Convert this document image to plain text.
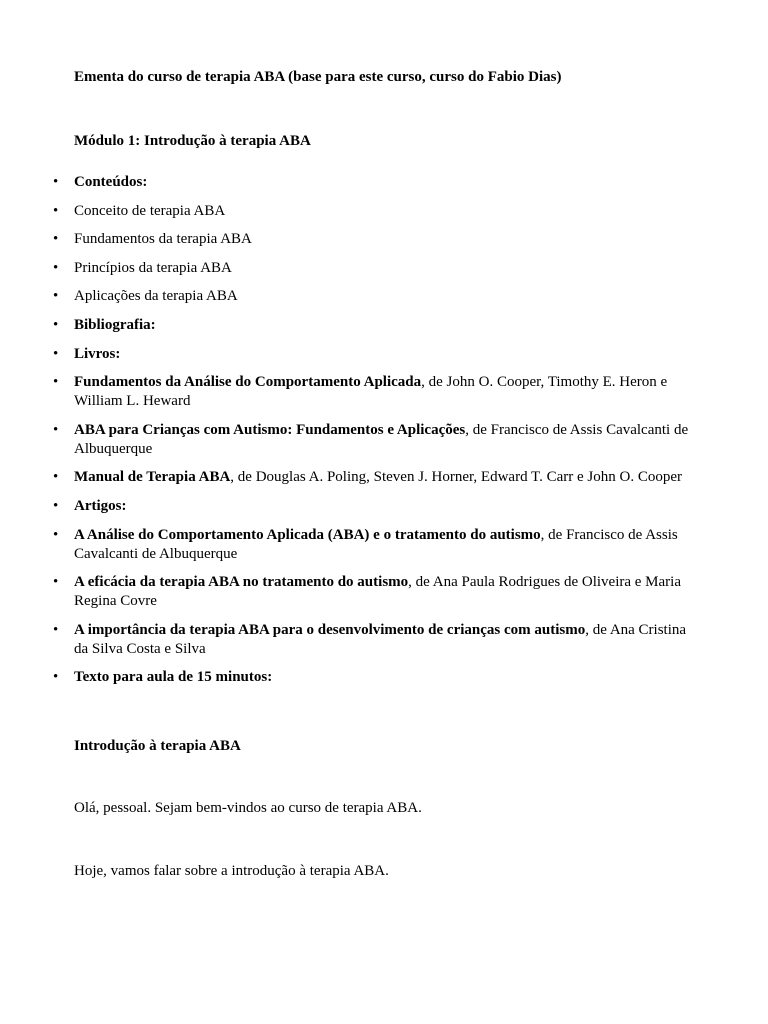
Ementa do curso de terapia ABA (base para este curso, curso do Fabio Dias)
Módulo 1: Introdução à terapia ABA
• Conteúdos:
• Conceito de terapia ABA
• Fundamentos da terapia ABA
• Princípios da terapia ABA
• Aplicações da terapia ABA
• Bibliografia:
• Livros:
• Fundamentos da Análise do Comportamento Aplicada, de John O. Cooper, Timothy E. Heron e William L. Heward
• ABA para Crianças com Autismo: Fundamentos e Aplicações, de Francisco de Assis Cavalcanti de Albuquerque
• Manual de Terapia ABA, de Douglas A. Poling, Steven J. Horner, Edward T. Carr e John O. Cooper
• Artigos:
• A Análise do Comportamento Aplicada (ABA) e o tratamento do autismo, de Francisco de Assis Cavalcanti de Albuquerque
• A eficácia da terapia ABA no tratamento do autismo, de Ana Paula Rodrigues de Oliveira e Maria Regina Covre
• A importância da terapia ABA para o desenvolvimento de crianças com autismo, de Ana Cristina da Silva Costa e Silva
• Texto para aula de 15 minutos:
Introdução à terapia ABA
Olá, pessoal. Sejam bem-vindos ao curso de terapia ABA.
Hoje, vamos falar sobre a introdução à terapia ABA.
